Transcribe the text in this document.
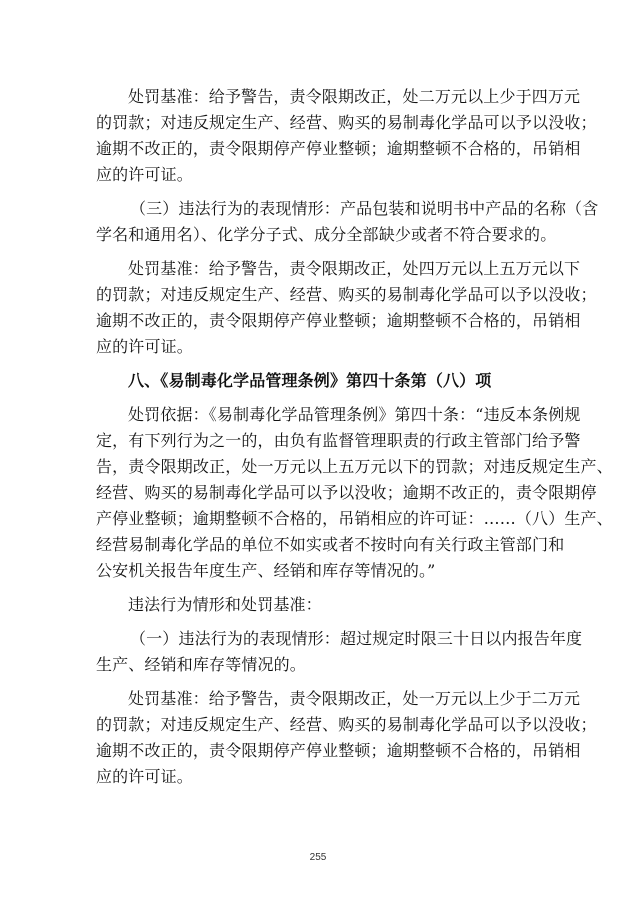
处罚基准：给予警告，责令限期改正，处二万元以上少于四万元
的罚款；对违反规定生产、经营、购买的易制毒化学品可以予以没收；
逾期不改正的，责令限期停产停业整顿；逾期整顿不合格的，吊销相
应的许可证。
（三）违法行为的表现情形：产品包装和说明书中产品的名称（含
学名和通用名）、化学分子式、成分全部缺少或者不符合要求的。
处罚基准：给予警告，责令限期改正，处四万元以上五万元以下
的罚款；对违反规定生产、经营、购买的易制毒化学品可以予以没收；
逾期不改正的，责令限期停产停业整顿；逾期整顿不合格的，吊销相
应的许可证。
八、《易制毒化学品管理条例》第四十条第（八）项
处罚依据：《易制毒化学品管理条例》第四十条：“违反本条例规
定，有下列行为之一的，由负有监督管理职责的行政主管部门给予警
告，责令限期改正，处一万元以上五万元以下的罚款；对违反规定生产、
经营、购买的易制毒化学品可以予以没收；逾期不改正的，责令限期停
产停业整顿；逾期整顿不合格的，吊销相应的许可证：……（八）生产、
经营易制毒化学品的单位不如实或者不按时向有关行政主管部门和
公安机关报告年度生产、经销和库存等情况的。”
违法行为情形和处罚基准：
（一）违法行为的表现情形：超过规定时限三十日以内报告年度
生产、经销和库存等情况的。
处罚基准：给予警告，责令限期改正，处一万元以上少于二万元
的罚款；对违反规定生产、经营、购买的易制毒化学品可以予以没收；
逾期不改正的，责令限期停产停业整顿；逾期整顿不合格的，吊销相
应的许可证。
255
